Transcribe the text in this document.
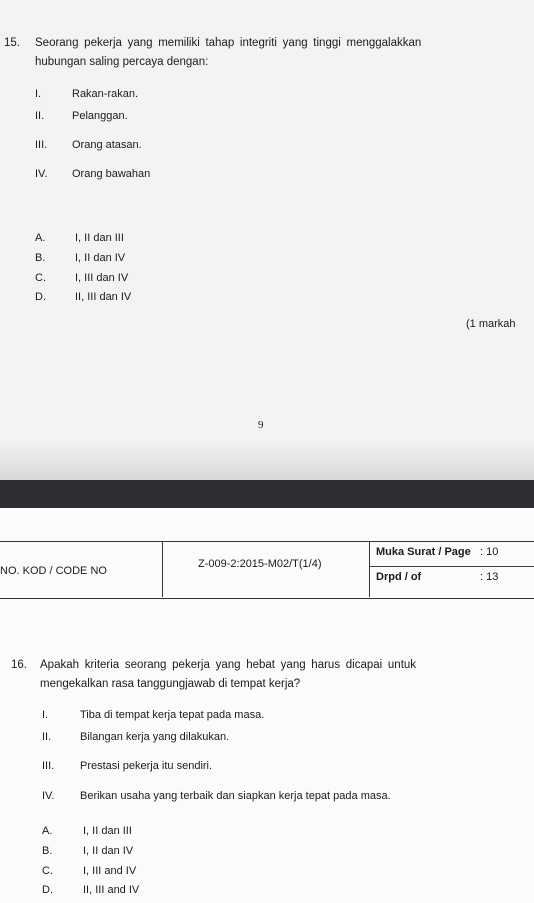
15. Seorang pekerja yang memiliki tahap integriti yang tinggi menggalakkan
hubungan saling percaya dengan:
I.	Rakan-rakan.
II.	Pelanggan.
III. Orang atasan.
IV. Orang bawahan
A.	I, II dan III
B.	I, II dan IV
C.	I, III dan IV
D.	II, III dan IV
(1 markah
9
NO. KOD / CODE NO
Z-009-2:2015-M02/T(1/4)
Muka Surat / Page : 10
Drpd / of	: 13
16. Apakah kriteria seorang pekerja yang hebat yang harus dicapai untuk
mengekalkan rasa tanggungjawab di tempat kerja?
I.	Tiba di tempat kerja tepat pada masa.
II.	Bilangan kerja yang dilakukan.
III. Prestasi pekerja itu sendiri.
IV. Berikan usaha yang terbaik dan siapkan kerja tepat pada masa.
A.	I, II dan III
B.	I, II dan IV
C.	I, III and IV
D.	II, III and IV
